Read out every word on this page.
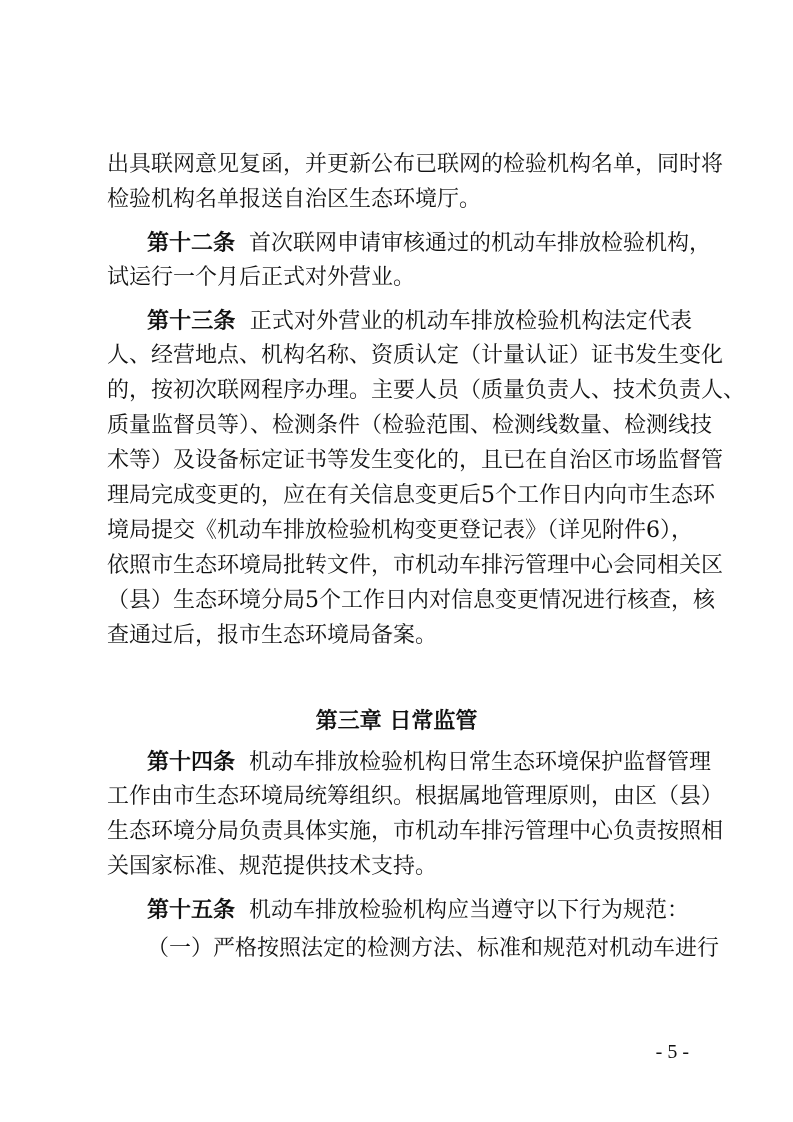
出具联网意见复函，并更新公布已联网的检验机构名单，同时将
检验机构名单报送自治区生态环境厅。
第十二条 首次联网申请审核通过的机动车排放检验机构，
试运行一个月后正式对外营业。
第十三条 正式对外营业的机动车排放检验机构法定代表
人、经营地点、机构名称、资质认定（计量认证）证书发生变化
的，按初次联网程序办理。主要人员（质量负责人、技术负责人、
质量监督员等）、检测条件（检验范围、检测线数量、检测线技
术等）及设备标定证书等发生变化的，且已在自治区市场监督管
理局完成变更的，应在有关信息变更后5个工作日内向市生态环
境局提交《机动车排放检验机构变更登记表》（详见附件6），
依照市生态环境局批转文件，市机动车排污管理中心会同相关区
（县）生态环境分局5个工作日内对信息变更情况进行核查，核
查通过后，报市生态环境局备案。
第三章 日常监管
第十四条 机动车排放检验机构日常生态环境保护监督管理
工作由市生态环境局统筹组织。根据属地管理原则，由区（县）
生态环境分局负责具体实施，市机动车排污管理中心负责按照相
关国家标准、规范提供技术支持。
第十五条 机动车排放检验机构应当遵守以下行为规范：
（一）严格按照法定的检测方法、标准和规范对机动车进行
- 5 -
